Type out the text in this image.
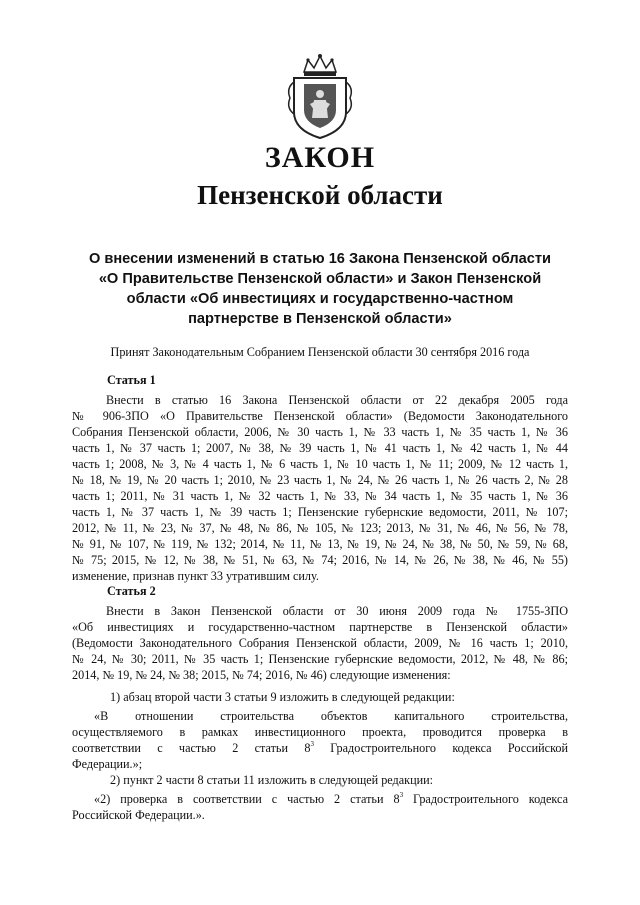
ЗАКОН
Пензенской области
О внесении изменений в статью 16 Закона Пензенской области
«О Правительстве Пензенской области» и Закон Пензенской
области «Об инвестициях и государственно-частном
партнерстве в Пензенской области»
Принят Законодательным Собранием Пензенской области 30 сентября 2016 года
Статья 1
Внести в статью 16 Закона Пензенской области от 22 декабря 2005 года
№ 906-ЗПО «О Правительстве Пензенской области» (Ведомости Законодательного
Собрания Пензенской области, 2006, № 30 часть 1, № 33 часть 1, № 35 часть 1, № 36
часть 1, № 37 часть 1; 2007, № 38, № 39 часть 1, № 41 часть 1, № 42 часть 1, № 44
часть 1; 2008, № 3, № 4 часть 1, № 6 часть 1, № 10 часть 1, № 11; 2009, № 12 часть 1,
№ 18, № 19, № 20 часть 1; 2010, № 23 часть 1, № 24, № 26 часть 1, № 26 часть 2, № 28
часть 1; 2011, № 31 часть 1, № 32 часть 1, № 33, № 34 часть 1, № 35 часть 1, № 36
часть 1, № 37 часть 1, № 39 часть 1; Пензенские губернские ведомости, 2011, № 107;
2012, № 11, № 23, № 37, № 48, № 86, № 105, № 123; 2013, № 31, № 46, № 56, № 78,
№ 91, № 107, № 119, № 132; 2014, № 11, № 13, № 19, № 24, № 38, № 50, № 59, № 68,
№ 75; 2015, № 12, № 38, № 51, № 63, № 74; 2016, № 14, № 26, № 38, № 46, № 55)
изменение, признав пункт 33 утратившим силу.
Статья 2
Внести в Закон Пензенской области от 30 июня 2009 года № 1755-ЗПО
«Об инвестициях и государственно-частном партнерстве в Пензенской области»
(Ведомости Законодательного Собрания Пензенской области, 2009, № 16 часть 1; 2010,
№ 24, № 30; 2011, № 35 часть 1; Пензенские губернские ведомости, 2012, № 48, № 86;
2014, № 19, № 24, № 38; 2015, № 74; 2016, № 46) следующие изменения:
1) абзац второй части 3 статьи 9 изложить в следующей редакции:
«В отношении строительства объектов капитального строительства,
осуществляемого в рамках инвестиционного проекта, проводится проверка в
соответствии с частью 2 статьи $8^3$ Градостроительного кодекса Российской
Федерации.»;
2) пункт 2 части 8 статьи 11 изложить в следующей редакции:
«2) проверка в соответствии с частью 2 статьи $8^3$ Градостроительного кодекса
Российской Федерации.».
